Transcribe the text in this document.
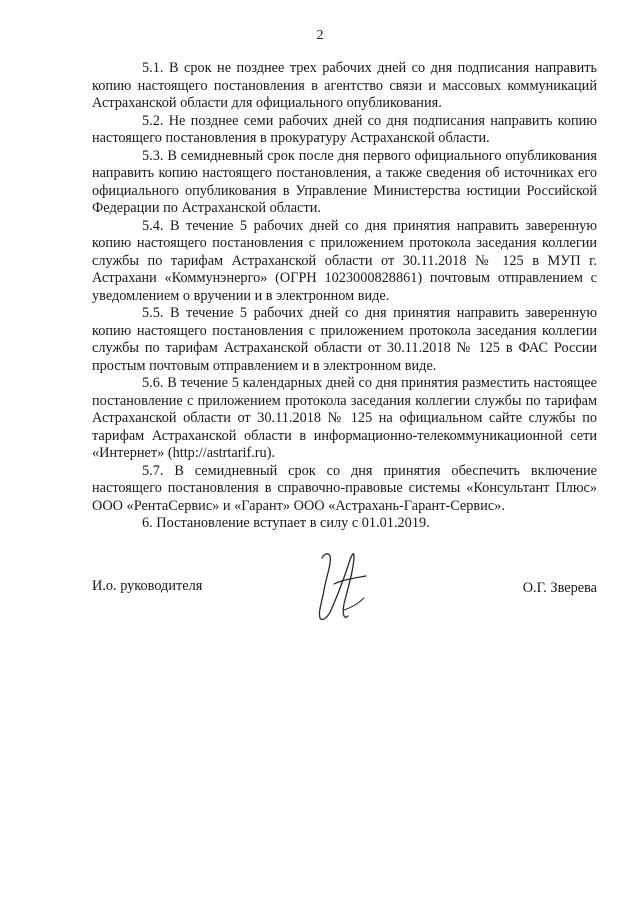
2

5.1. В срок не позднее трех рабочих дней со дня подписания направить копию настоящего постановления в агентство связи и массовых коммуникаций Астраханской области для официального опубликования.

5.2. Не позднее семи рабочих дней со дня подписания направить копию настоящего постановления в прокуратуру Астраханской области.

5.3. В семидневный срок после дня первого официального опубликования направить копию настоящего постановления, а также сведения об источниках его официального опубликования в Управление Министерства юстиции Российской Федерации по Астраханской области.

5.4. В течение 5 рабочих дней со дня принятия направить заверенную копию настоящего постановления с приложением протокола заседания коллегии службы по тарифам Астраханской области от 30.11.2018 № 125 в МУП г. Астрахани «Коммунэнерго» (ОГРН 1023000828861) почтовым отправлением с уведомлением о вручении и в электронном виде.

5.5. В течение 5 рабочих дней со дня принятия направить заверенную копию настоящего постановления с приложением протокола заседания коллегии службы по тарифам Астраханской области от 30.11.2018 № 125 в ФАС России простым почтовым отправлением и в электронном виде.

5.6. В течение 5 календарных дней со дня принятия разместить настоящее постановление с приложением протокола заседания коллегии службы по тарифам Астраханской области от 30.11.2018 № 125 на официальном сайте службы по тарифам Астраханской области в информационно-телекоммуникационной сети «Интернет» (http://astrtarif.ru).

5.7. В семидневный срок со дня принятия обеспечить включение настоящего постановления в справочно-правовые системы «Консультант Плюс» ООО «РентаСервис» и «Гарант» ООО «Астрахань-Гарант-Сервис».

6. Постановление вступает в силу с 01.01.2019.

И.о. руководителя	О.Г. Зверева
